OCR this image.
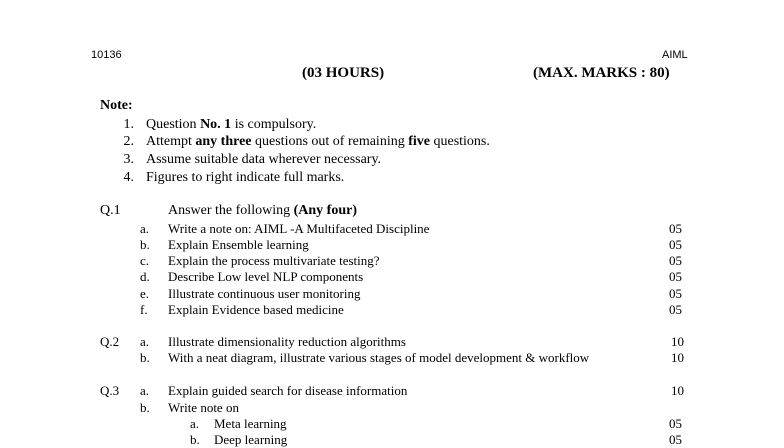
10136	AIML
(03 HOURS)	(MAX. MARKS : 80)
Note:
1. Question No. 1 is compulsory.
2. Attempt any three questions out of remaining five questions.
3. Assume suitable data wherever necessary.
4. Figures to right indicate full marks.
Q.1	Answer the following (Any four)
a. Write a note on: AIML -A Multifaceted Discipline	05
b. Explain Ensemble learning	05
c. Explain the process multivariate testing?	05
d. Describe Low level NLP components	05
e. Illustrate continuous user monitoring	05
f. Explain Evidence based medicine	05
Q.2 a. Illustrate dimensionality reduction algorithms	10
b. With a neat diagram, illustrate various stages of model development & workflow	10
Q.3 a. Explain guided search for disease information	10
b. Write note on
a. Meta learning	05
b. Deep learning	05
